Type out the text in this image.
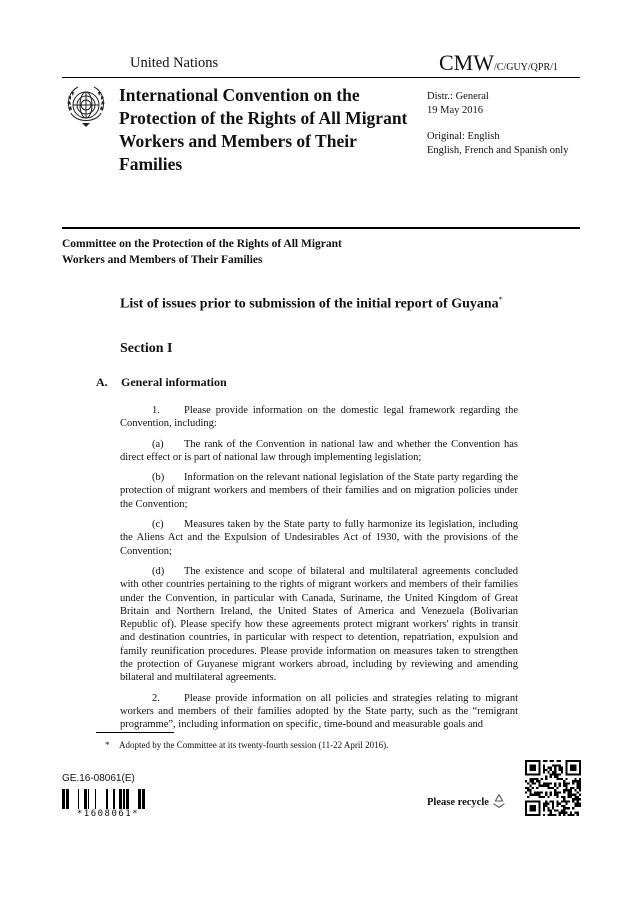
United Nations	CMW/C/GUY/QPR/1
International Convention on the Protection of the Rights of All Migrant Workers and Members of Their Families
Distr.: General
19 May 2016
Original: English
English, French and Spanish only
Committee on the Protection of the Rights of All Migrant Workers and Members of Their Families
List of issues prior to submission of the initial report of Guyana*
Section I
A. General information

1. Please provide information on the domestic legal framework regarding the Convention, including:

(a) The rank of the Convention in national law and whether the Convention has direct effect or is part of national law through implementing legislation;

(b) Information on the relevant national legislation of the State party regarding the protection of migrant workers and members of their families and on migration policies under the Convention;

(c) Measures taken by the State party to fully harmonize its legislation, including the Aliens Act and the Expulsion of Undesirables Act of 1930, with the provisions of the Convention;

(d) The existence and scope of bilateral and multilateral agreements concluded with other countries pertaining to the rights of migrant workers and members of their families under the Convention, in particular with Canada, Suriname, the United Kingdom of Great Britain and Northern Ireland, the United States of America and Venezuela (Bolivarian Republic of). Please specify how these agreements protect migrant workers' rights in transit and destination countries, in particular with respect to detention, repatriation, expulsion and family reunification procedures. Please provide information on measures taken to strengthen the protection of Guyanese migrant workers abroad, including by reviewing and amending bilateral and multilateral agreements.

2. Please provide information on all policies and strategies relating to migrant workers and members of their families adopted by the State party, such as the “remigrant programme”, including information on specific, time-bound and measurable goals and

* Adopted by the Committee at its twenty-fourth session (11-22 April 2016).
GE.16-08061(E)
*1608061*
Please recycle
